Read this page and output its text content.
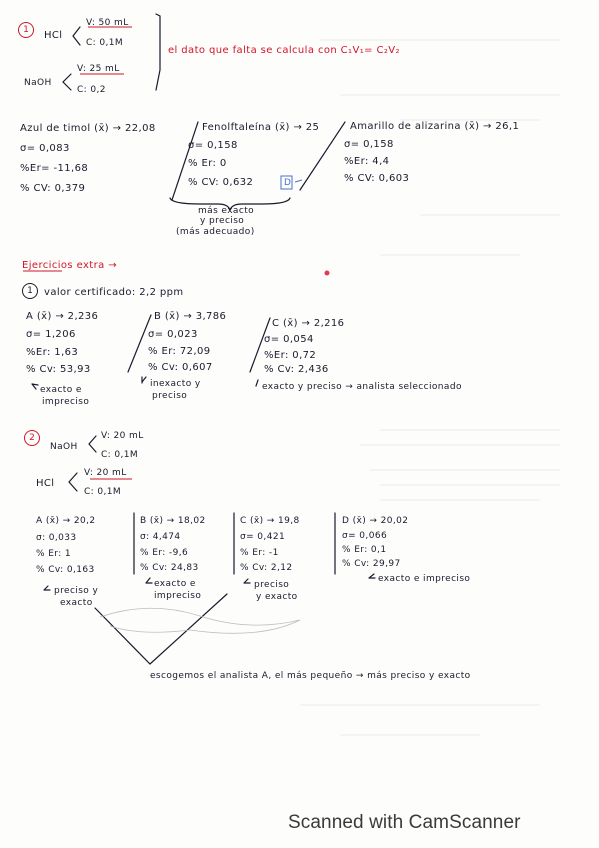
1	HCl
V: 50 mL
C: 0,1M
NaOH
V: 25 mL
C: 0,2
el dato que falta se calcula con C₁V₁= C₂V₂
Azul de timol (x̄) → 22,08
σ= 0,083
%Er= -11,68
% CV: 0,379
Fenolftaleína (x̄) → 25
σ= 0,158
% Er: 0
% CV: 0,632	D
Amarillo de alizarina (x̄) → 26,1
σ= 0,158
%Er: 4,4
% CV: 0,603
más exacto
y preciso
(más adecuado)
Ejercicios extra →
1	valor certificado: 2,2 ppm
A (x̄) → 2,236
σ= 1,206
%Er: 1,63
% Cv: 53,93
exacto e
impreciso
B (x̄) → 3,786
σ= 0,023
% Er: 72,09
% Cv: 0,607
inexacto y
preciso
C (x̄) → 2,216
σ= 0,054
%Er: 0,72
% Cv: 2,436
exacto y preciso → analista seleccionado
2
NaOH
V: 20 mL
C: 0,1M
HCl
V: 20 mL
C: 0,1M
A (x̄) → 20,2
σ: 0,033
% Er: 1
% Cv: 0,163
preciso y
exacto
B (x̄) → 18,02
σ: 4,474
% Er: -9,6
% Cv: 24,83
exacto e
impreciso
C (x̄) → 19,8
σ= 0,421
% Er: -1
% Cv: 2,12
preciso
y exacto
D (x̄) → 20,02
σ= 0,066
% Er: 0,1
% Cv: 29,97
exacto e impreciso
escogemos el analista A, el más pequeño → más preciso y exacto
Scanned with CamScanner
